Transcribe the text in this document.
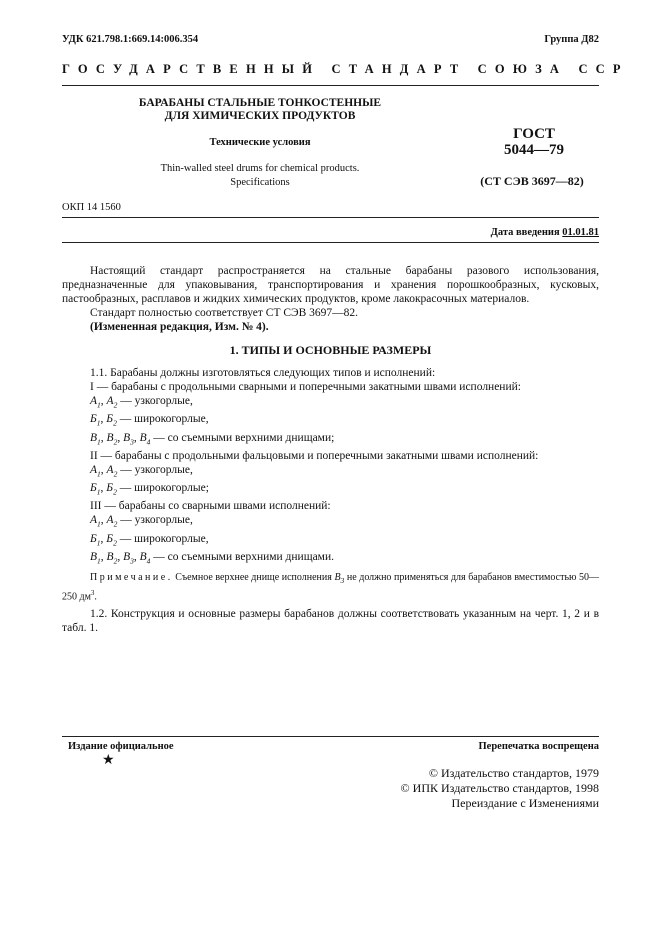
УДК 621.798.1:669.14:006.354	Группа Д82
ГОСУДАРСТВЕННЫЙ СТАНДАРТ СОЮЗА ССР
БАРАБАНЫ СТАЛЬНЫЕ ТОНКОСТЕННЫЕ
ДЛЯ ХИМИЧЕСКИХ ПРОДУКТОВ
Технические условия
Thin-walled steel drums for chemical products.
Specifications
ГОСТ
5044—79
(СТ СЭВ 3697—82)
ОКП 14 1560
Дата введения 01.01.81

Настоящий стандарт распространяется на стальные барабаны разового использования, предназначенные для упаковывания, транспортирования и хранения порошкообразных, кусковых, пастообразных, расплавов и жидких химических продуктов, кроме лакокрасочных материалов.

Стандарт полностью соответствует СТ СЭВ 3697—82.

(Измененная редакция, Изм. № 4).

1. ТИПЫ И ОСНОВНЫЕ РАЗМЕРЫ

1.1. Барабаны должны изготовляться следующих типов и исполнений:

I — барабаны с продольными сварными и поперечными закатными швами исполнений:

$А_1$, $А_2$ — узкогорлые,

$Б_1$, $Б_2$ — широкогорлые,

$В_1$, $В_2$, $В_3$, $В_4$ — со съемными верхними днищами;

II — барабаны с продольными фальцовыми и поперечными закатными швами исполнений:

$А_1$, $А_2$ — узкогорлые,

$Б_1$, $Б_2$ — широкогорлые;

III — барабаны со сварными швами исполнений:

$А_1$, $А_2$ — узкогорлые,

$Б_1$, $Б_2$ — широкогорлые,

$В_1$, $В_2$, $В_3$, $В_4$ — со съемными верхними днищами.

Примечание. Съемное верхнее днище исполнения $В_3$ не должно применяться для барабанов вместимостью 50—250 $дм^3$.

1.2. Конструкция и основные размеры барабанов должны соответствовать указанным на черт. 1, 2 и в табл. 1.

Издание официальное	Перепечатка воспрещена
★
© Издательство стандартов, 1979
© ИПК Издательство стандартов, 1998
Переиздание с Изменениями
